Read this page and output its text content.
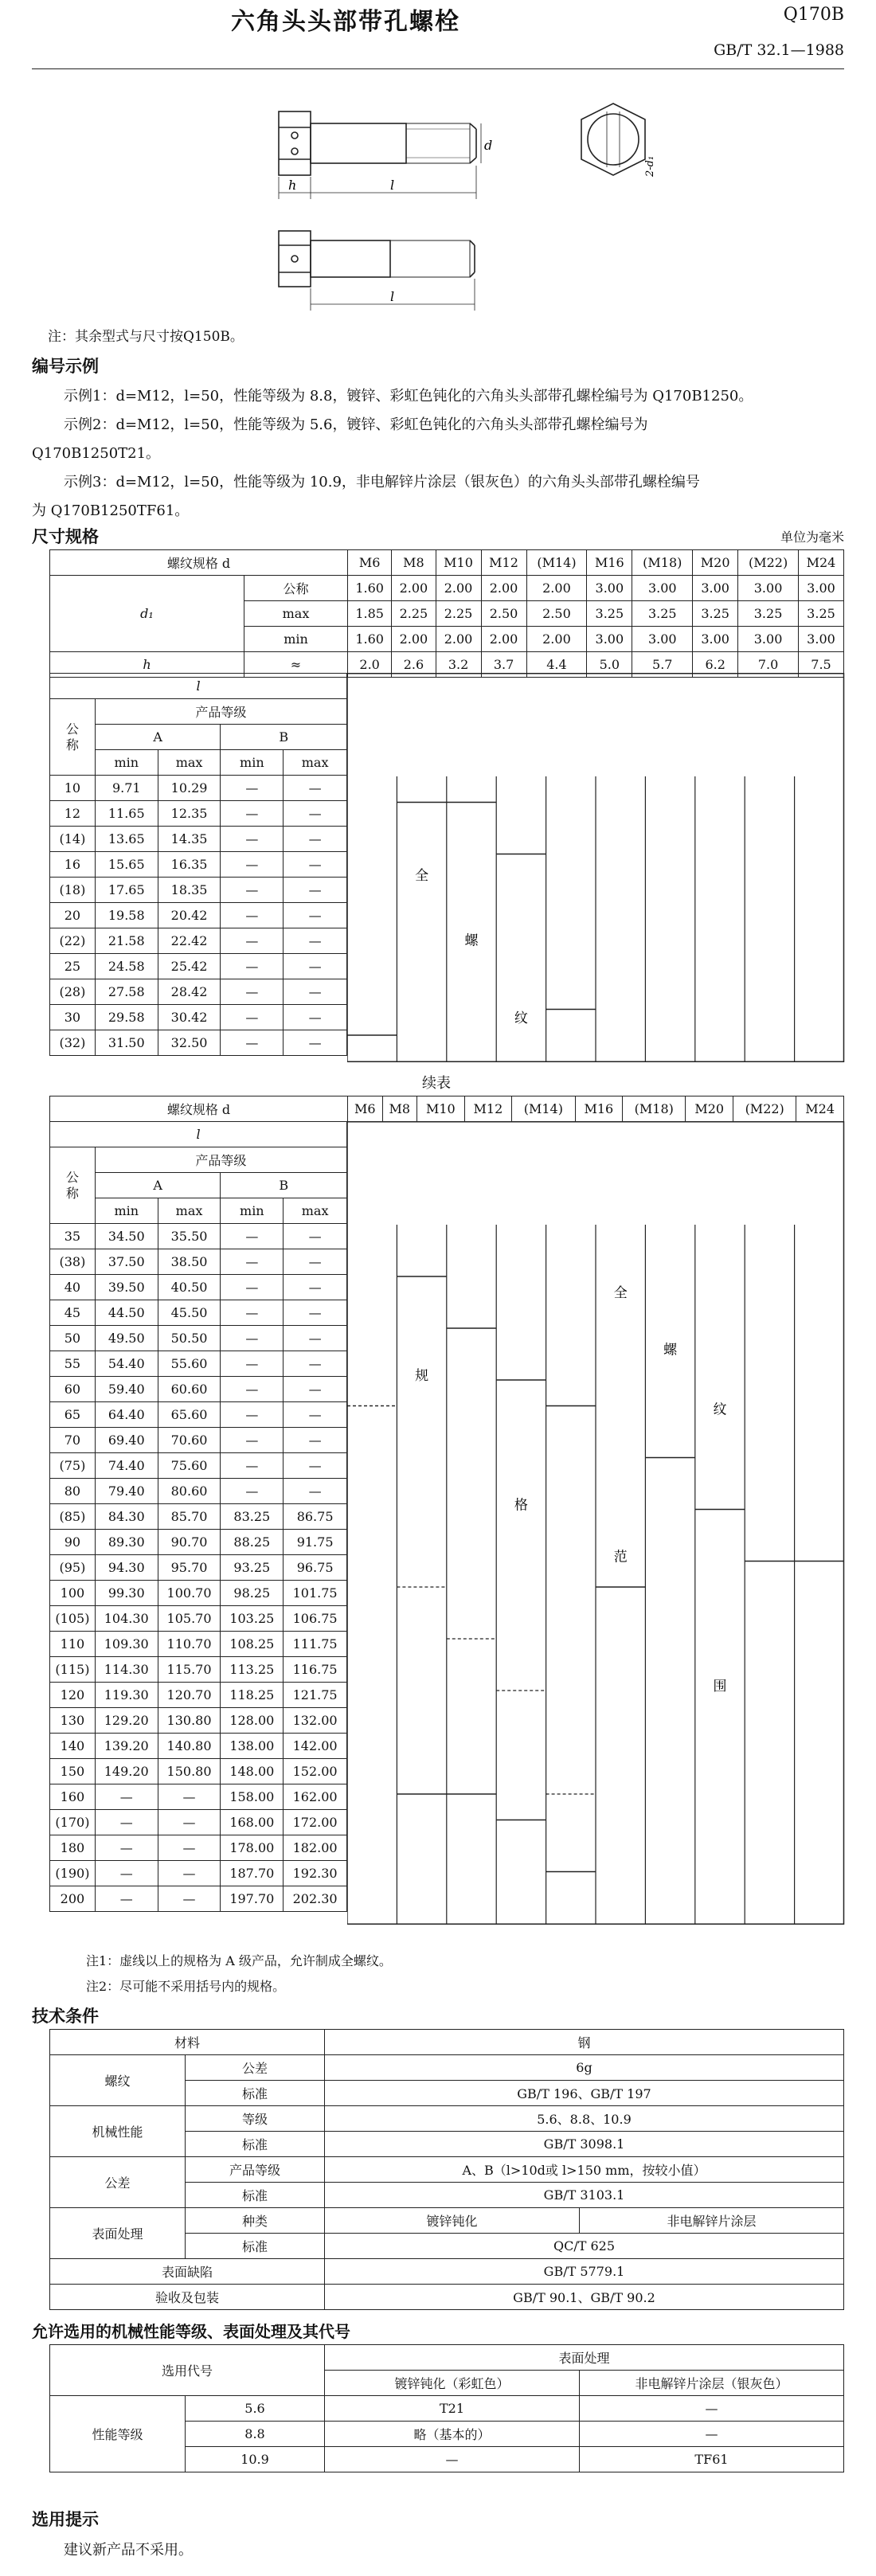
六角头头部带孔螺栓	Q170B
GB/T 32.1—1988
h	l
d
2-d₁
l
注：其余型式与尺寸按Q150B。
编号示例
示例1：d=M12，l=50，性能等级为 8.8，镀锌、彩虹色钝化的六角头头部带孔螺栓编号为 Q170B1250。
示例2：d=M12，l=50，性能等级为 5.6，镀锌、彩虹色钝化的六角头头部带孔螺栓编号为
Q170B1250T21。
示例3：d=M12，l=50，性能等级为 10.9，非电解锌片涂层（银灰色）的六角头头部带孔螺栓编号
为 Q170B1250TF61。
尺寸规格	单位为毫米
螺纹规格 d		M6	M8	M10	M12	(M14)	M16	(M18)	M20	(M22)	M24
d₁	公称	1.60	2.00	2.00	2.00	2.00	3.00	3.00	3.00	3.00	3.00
	max	1.85	2.25	2.25	2.50	2.50	3.25	3.25	3.25	3.25	3.25
	min	1.60	2.00	2.00	2.00	2.00	3.00	3.00	3.00	3.00	3.00
h	≈	2.0	2.6	3.2	3.7	4.4	5.0	5.7	6.2	7.0	7.5
l				
公
称	产品等级			
	A		B	
	min	max	min	max
10	9.71	10.29	—	—
12	11.65	12.35	—	—
(14)	13.65	14.35	—	—
16	15.65	16.35	—	—
(18)	17.65	18.35	—	—
20	19.58	20.42	—	—
(22)	21.58	22.42	—	—
25	24.58	25.42	—	—
(28)	27.58	28.42	—	—
30	29.58	30.42	—	—
(32)	31.50	32.50	—	—
全
螺
纹
续表
螺纹规格 d	M6	M8	M10	M12	(M14)	M16	(M18)	M20	(M22)	M24
l				
公
称	产品等级			
	A		B	
	min	max	min	max
35	34.50	35.50	—	—
(38)	37.50	38.50	—	—
40	39.50	40.50	—	—
45	44.50	45.50	—	—
50	49.50	50.50	—	—
55	54.40	55.60	—	—
60	59.40	60.60	—	—
65	64.40	65.60	—	—
70	69.40	70.60	—	—
(75)	74.40	75.60	—	—
80	79.40	80.60	—	—
(85)	84.30	85.70	83.25	86.75
90	89.30	90.70	88.25	91.75
(95)	94.30	95.70	93.25	96.75
100	99.30	100.70	98.25	101.75
(105)	104.30	105.70	103.25	106.75
110	109.30	110.70	108.25	111.75
(115)	114.30	115.70	113.25	116.75
120	119.30	120.70	118.25	121.75
130	129.20	130.80	128.00	132.00
140	139.20	140.80	138.00	142.00
150	149.20	150.80	148.00	152.00
160	—	—	158.00	162.00
(170)	—	—	168.00	172.00
180	—	—	178.00	182.00
(190)	—	—	187.70	192.30
200	—	—	197.70	202.30
规
格
范
围
全
螺
纹
注1：虚线以上的规格为 A 级产品，允许制成全螺纹。
注2：尽可能不采用括号内的规格。
技术条件
材料		钢	
螺纹	公差	6g	
	标准	GB/T 196、GB/T 197	
机械性能	等级	5.6、8.8、10.9	
	标准	GB/T 3098.1	
公差	产品等级	A、B（l>10d或 l>150 mm，按较小值）	
	标准	GB/T 3103.1	
表面处理	种类	镀锌钝化	非电解锌片涂层
	标准	QC/T 625	
表面缺陷		GB/T 5779.1	
验收及包装		GB/T 90.1、GB/T 90.2	
允许选用的机械性能等级、表面处理及其代号
选用代号		表面处理	
		镀锌钝化（彩虹色）	非电解锌片涂层（银灰色）
性能等级	5.6	T21	—
	8.8	略（基本的）	—
	10.9	—	TF61
选用提示
建议新产品不采用。
